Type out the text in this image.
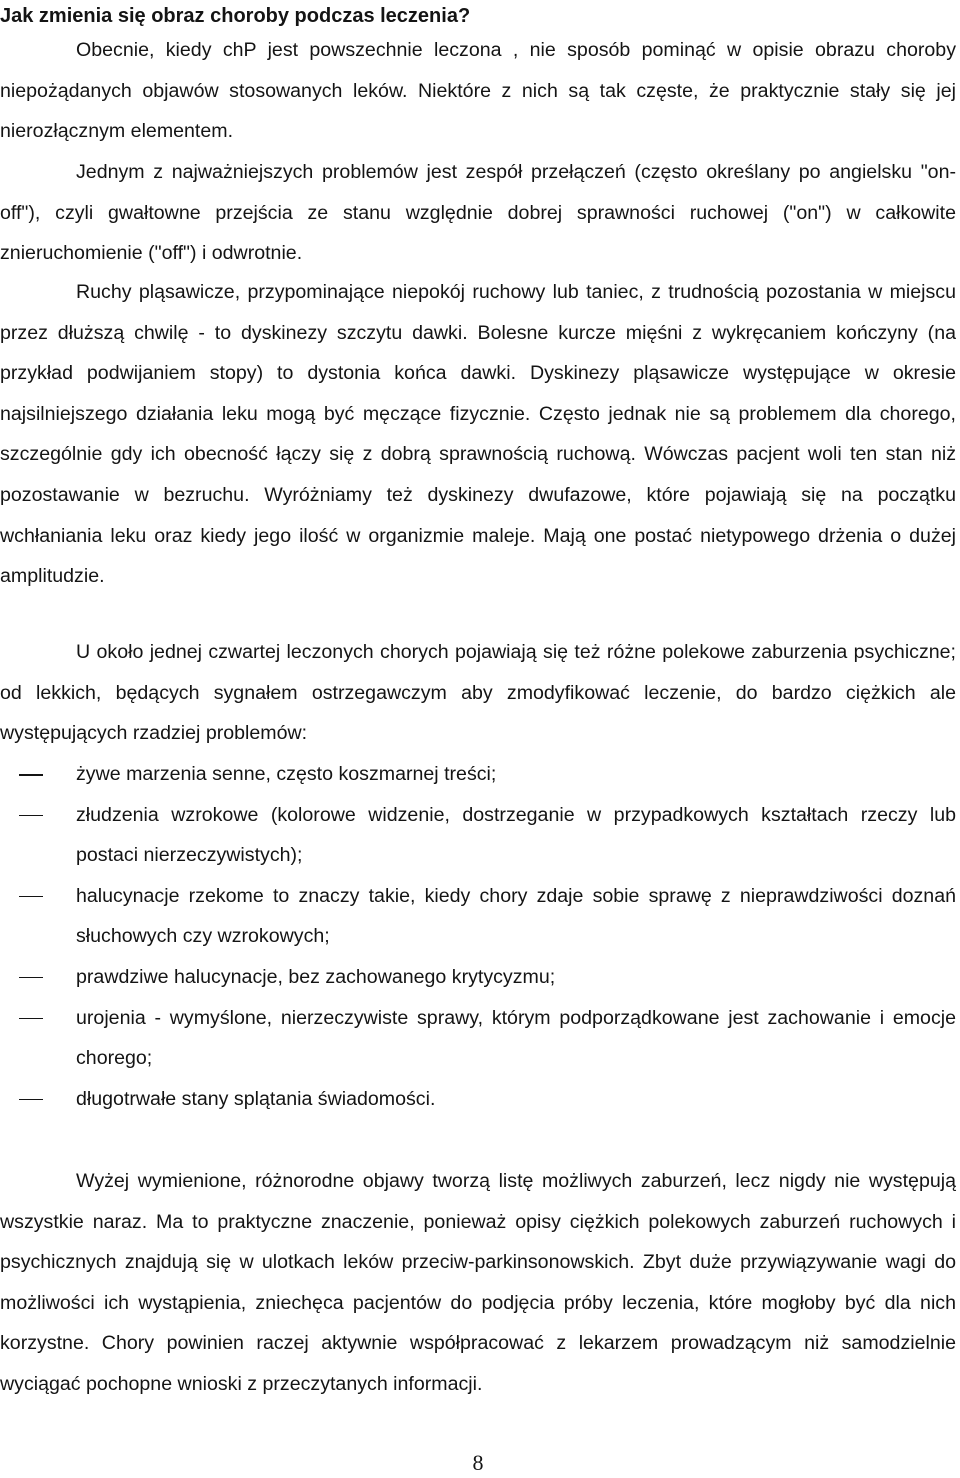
Jak zmienia się obraz choroby podczas leczenia?
Obecnie, kiedy chP jest powszechnie leczona , nie sposób pominąć w opisie obrazu choroby niepożądanych objawów stosowanych leków. Niektóre z nich są tak częste, że praktycznie stały się jej nierozłącznym elementem.
Jednym z najważniejszych problemów jest zespół przełączeń (często określany po angielsku "on-off"), czyli gwałtowne przejścia ze stanu względnie dobrej sprawności ruchowej ("on") w całkowite znieruchomienie ("off") i odwrotnie.
Ruchy pląsawicze, przypominające niepokój ruchowy lub taniec, z trudnością pozostania w miejscu przez dłuższą chwilę - to dyskinezy szczytu dawki. Bolesne kurcze mięśni z wykręcaniem kończyny (na przykład podwijaniem stopy) to dystonia końca dawki. Dyskinezy pląsawicze występujące w okresie najsilniejszego działania leku mogą być męczące fizycznie. Często jednak nie są problemem dla chorego, szczególnie gdy ich obecność łączy się z dobrą sprawnością ruchową. Wówczas pacjent woli ten stan niż pozostawanie w bezruchu. Wyróżniamy też dyskinezy dwufazowe, które pojawiają się na początku wchłaniania leku oraz kiedy jego ilość w organizmie maleje. Mają one postać nietypowego drżenia o dużej amplitudzie.
U około jednej czwartej leczonych chorych pojawiają się też różne polekowe zaburzenia psychiczne; od lekkich, będących sygnałem ostrzegawczym aby zmodyfikować leczenie, do bardzo ciężkich ale występujących rzadziej problemów:
żywe marzenia senne, często koszmarnej treści;
złudzenia wzrokowe (kolorowe widzenie, dostrzeganie w przypadkowych kształtach rzeczy lub postaci nierzeczywistych);
halucynacje rzekome to znaczy takie, kiedy chory zdaje sobie sprawę z nieprawdziwości doznań słuchowych czy wzrokowych;
prawdziwe halucynacje, bez zachowanego krytycyzmu;
urojenia - wymyślone, nierzeczywiste sprawy, którym podporządkowane jest zachowanie i emocje chorego;
długotrwałe stany splątania świadomości.
Wyżej wymienione, różnorodne objawy tworzą listę możliwych zaburzeń, lecz nigdy nie występują wszystkie naraz. Ma to praktyczne znaczenie, ponieważ opisy ciężkich polekowych zaburzeń ruchowych i psychicznych znajdują się w ulotkach leków przeciw-parkinsonowskich. Zbyt duże przywiązywanie wagi do możliwości ich wystąpienia, zniechęca pacjentów do podjęcia próby leczenia, które mogłoby być dla nich korzystne. Chory powinien raczej aktywnie współpracować z lekarzem prowadzącym niż samodzielnie wyciągać pochopne wnioski z przeczytanych informacji.
8
